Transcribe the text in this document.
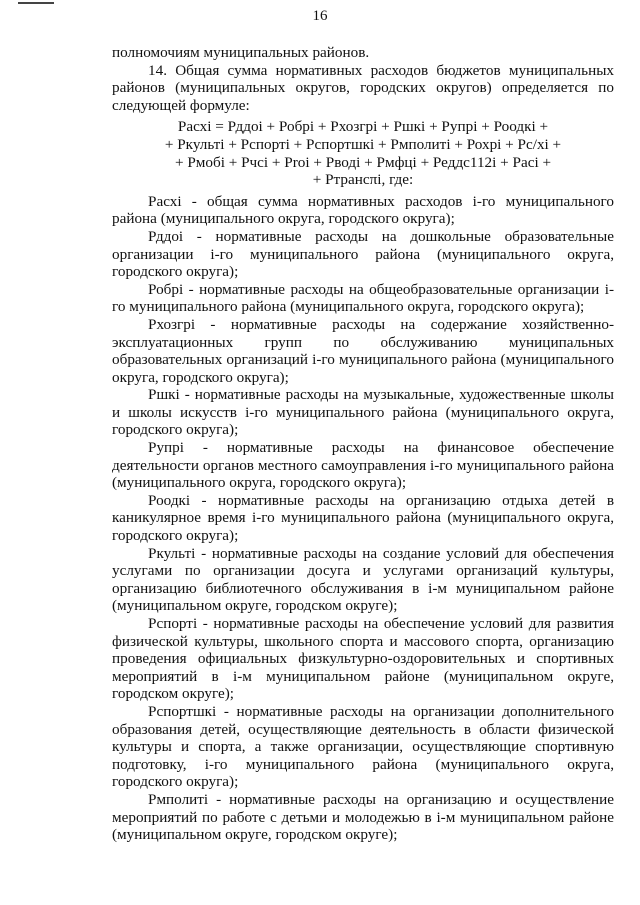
16

полномочиям муниципальных районов.

14. Общая сумма нормативных расходов бюджетов муниципальных районов (муниципальных округов, городских округов) определяется по следующей формуле:

Расхі = Рддоі + Робрі + Рхозгрі + Ршкі + Рупрі + Роодкі +
+ Ркульті + Рспорті + Рспортшкі + Рмполиті + Рохрі + Рс/хі +
+ Рмобі + Рчсі + Рrоі + Рводі + Рмфці + Реддс112і + Расі +
+ Ртрансπі, где:

Расхі - общая сумма нормативных расходов і-го муниципального района (муниципального округа, городского округа);

Рддоі - нормативные расходы на дошкольные образовательные организации і-го муниципального района (муниципального округа, городского округа);

Робрі - нормативные расходы на общеобразовательные организации і-го муниципального района (муниципального округа, городского округа);

Рхозгрі - нормативные расходы на содержание хозяйственно-эксплуатационных групп по обслуживанию муниципальных образовательных организаций і-го муниципального района (муниципального округа, городского округа);

Ршкі - нормативные расходы на музыкальные, художественные школы и школы искусств і-го муниципального района (муниципального округа, городского округа);

Рупрі - нормативные расходы на финансовое обеспечение деятельности органов местного самоуправления і-го муниципального района (муниципального округа, городского округа);

Роодкі - нормативные расходы на организацию отдыха детей в каникулярное время і-го муниципального района (муниципального округа, городского округа);

Ркульті - нормативные расходы на создание условий для обеспечения услугами по организации досуга и услугами организаций культуры, организацию библиотечного обслуживания в і-м муниципальном районе (муниципальном округе, городском округе);

Рспорті - нормативные расходы на обеспечение условий для развития физической культуры, школьного спорта и массового спорта, организацию проведения официальных физкультурно-оздоровительных и спортивных мероприятий в і-м муниципальном районе (муниципальном округе, городском округе);

Рспортшкі - нормативные расходы на организации дополнительного образования детей, осуществляющие деятельность в области физической культуры и спорта, а также организации, осуществляющие спортивную подготовку, і-го муниципального района (муниципального округа, городского округа);

Рмполиті - нормативные расходы на организацию и осуществление мероприятий по работе с детьми и молодежью в і-м муниципальном районе (муниципальном округе, городском округе);
